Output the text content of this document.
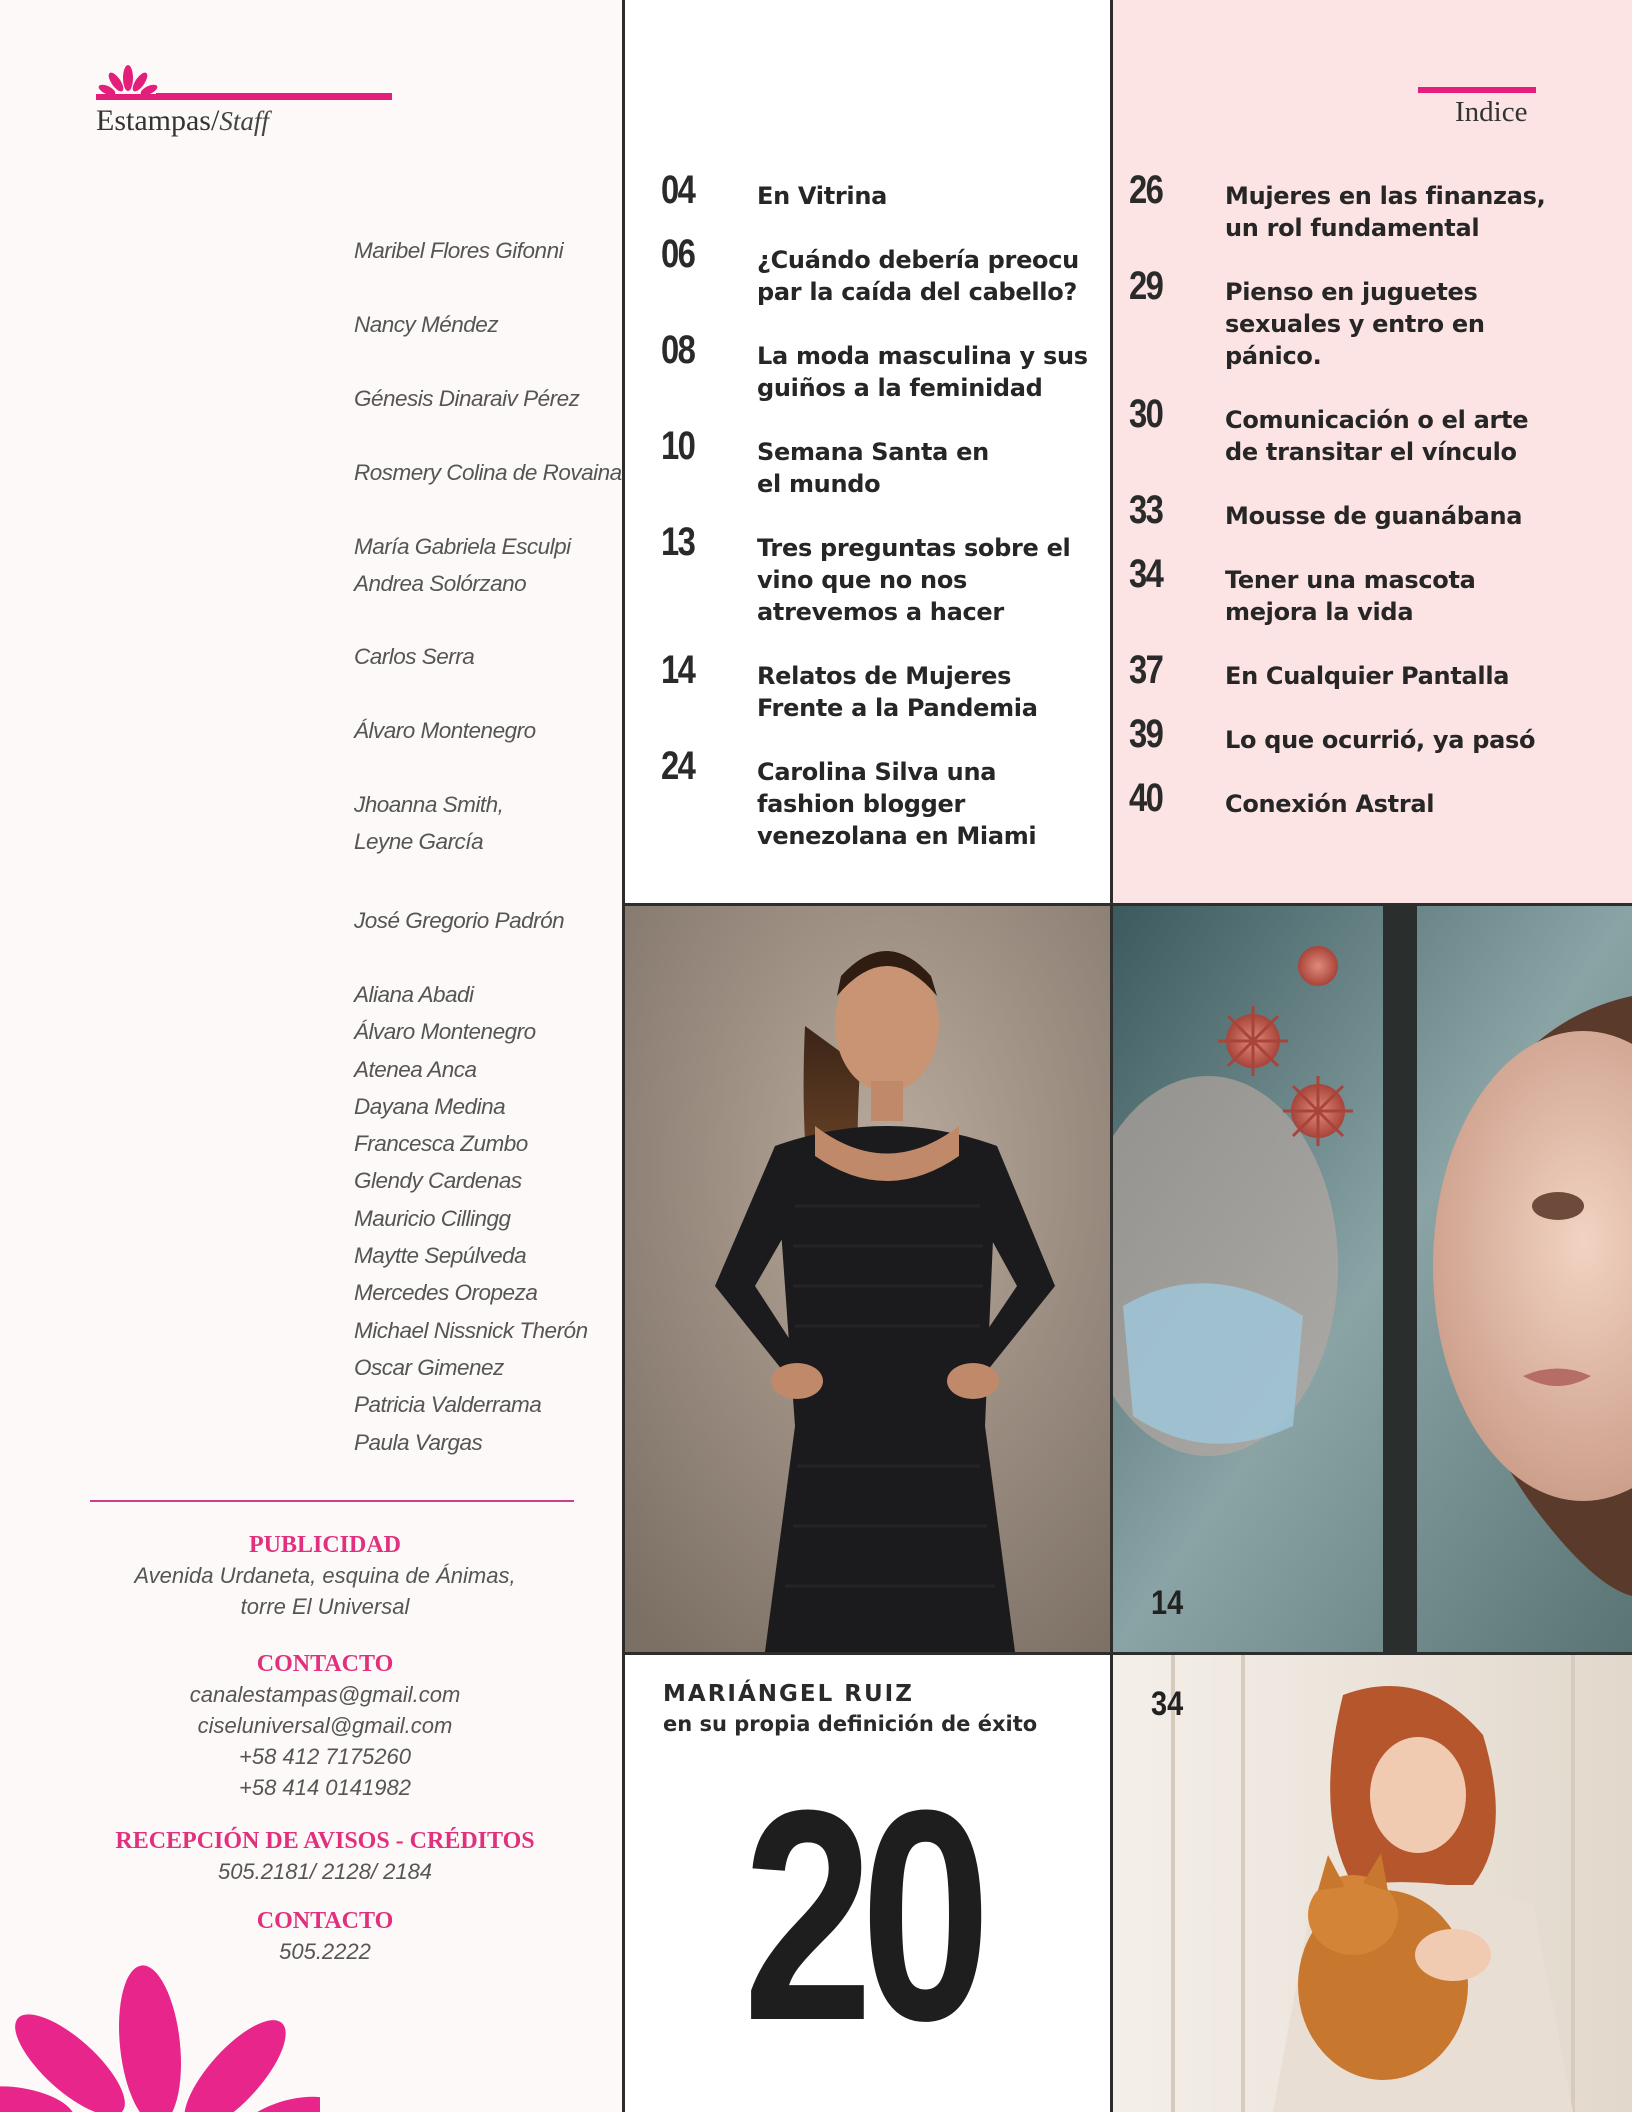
Estampas/Staff
Maribel Flores Gifonni
Nancy Méndez
Génesis Dinaraiv Pérez
Rosmery Colina de Rovaina
María Gabriela Esculpi
Andrea Solórzano
Carlos Serra
Álvaro Montenegro
Jhoanna Smith,
Leyne García
José Gregorio Padrón
Aliana Abadi
Álvaro Montenegro
Atenea Anca
Dayana Medina
Francesca Zumbo
Glendy Cardenas
Mauricio Cillingg
Maytte Sepúlveda
Mercedes Oropeza
Michael Nissnick Therón
Oscar Gimenez
Patricia Valderrama
Paula Vargas
PUBLICIDAD
Avenida Urdaneta, esquina de Ánimas,
torre El Universal
CONTACTO
canalestampas@gmail.com
ciseluniversal@gmail.com
+58 412 7175260
+58 414 0141982
RECEPCIÓN DE AVISOS - CRÉDITOS
505.2181/ 2128/ 2184
CONTACTO
505.2222
04	En Vitrina
06	¿Cuándo debería preocu
par la caída del cabello?
08	La moda masculina y sus
guiños a la feminidad
10	Semana Santa en
el mundo
13	Tres preguntas sobre el
vino que no nos
atrevemos a hacer
14	Relatos de Mujeres
Frente a la Pandemia
24	Carolina Silva una
fashion blogger
venezolana en Miami
Indice
26	Mujeres en las finanzas,
un rol fundamental
29	Pienso en juguetes
sexuales y entro en
pánico.
30	Comunicación o el arte
de transitar el vínculo
33	Mousse de guanábana
34	Tener una mascota
mejora la vida
37	En Cualquier Pantalla
39	Lo que ocurrió, ya pasó
40	Conexión Astral
14
MARIÁNGEL RUIZ
en su propia definición de éxito
20
34
